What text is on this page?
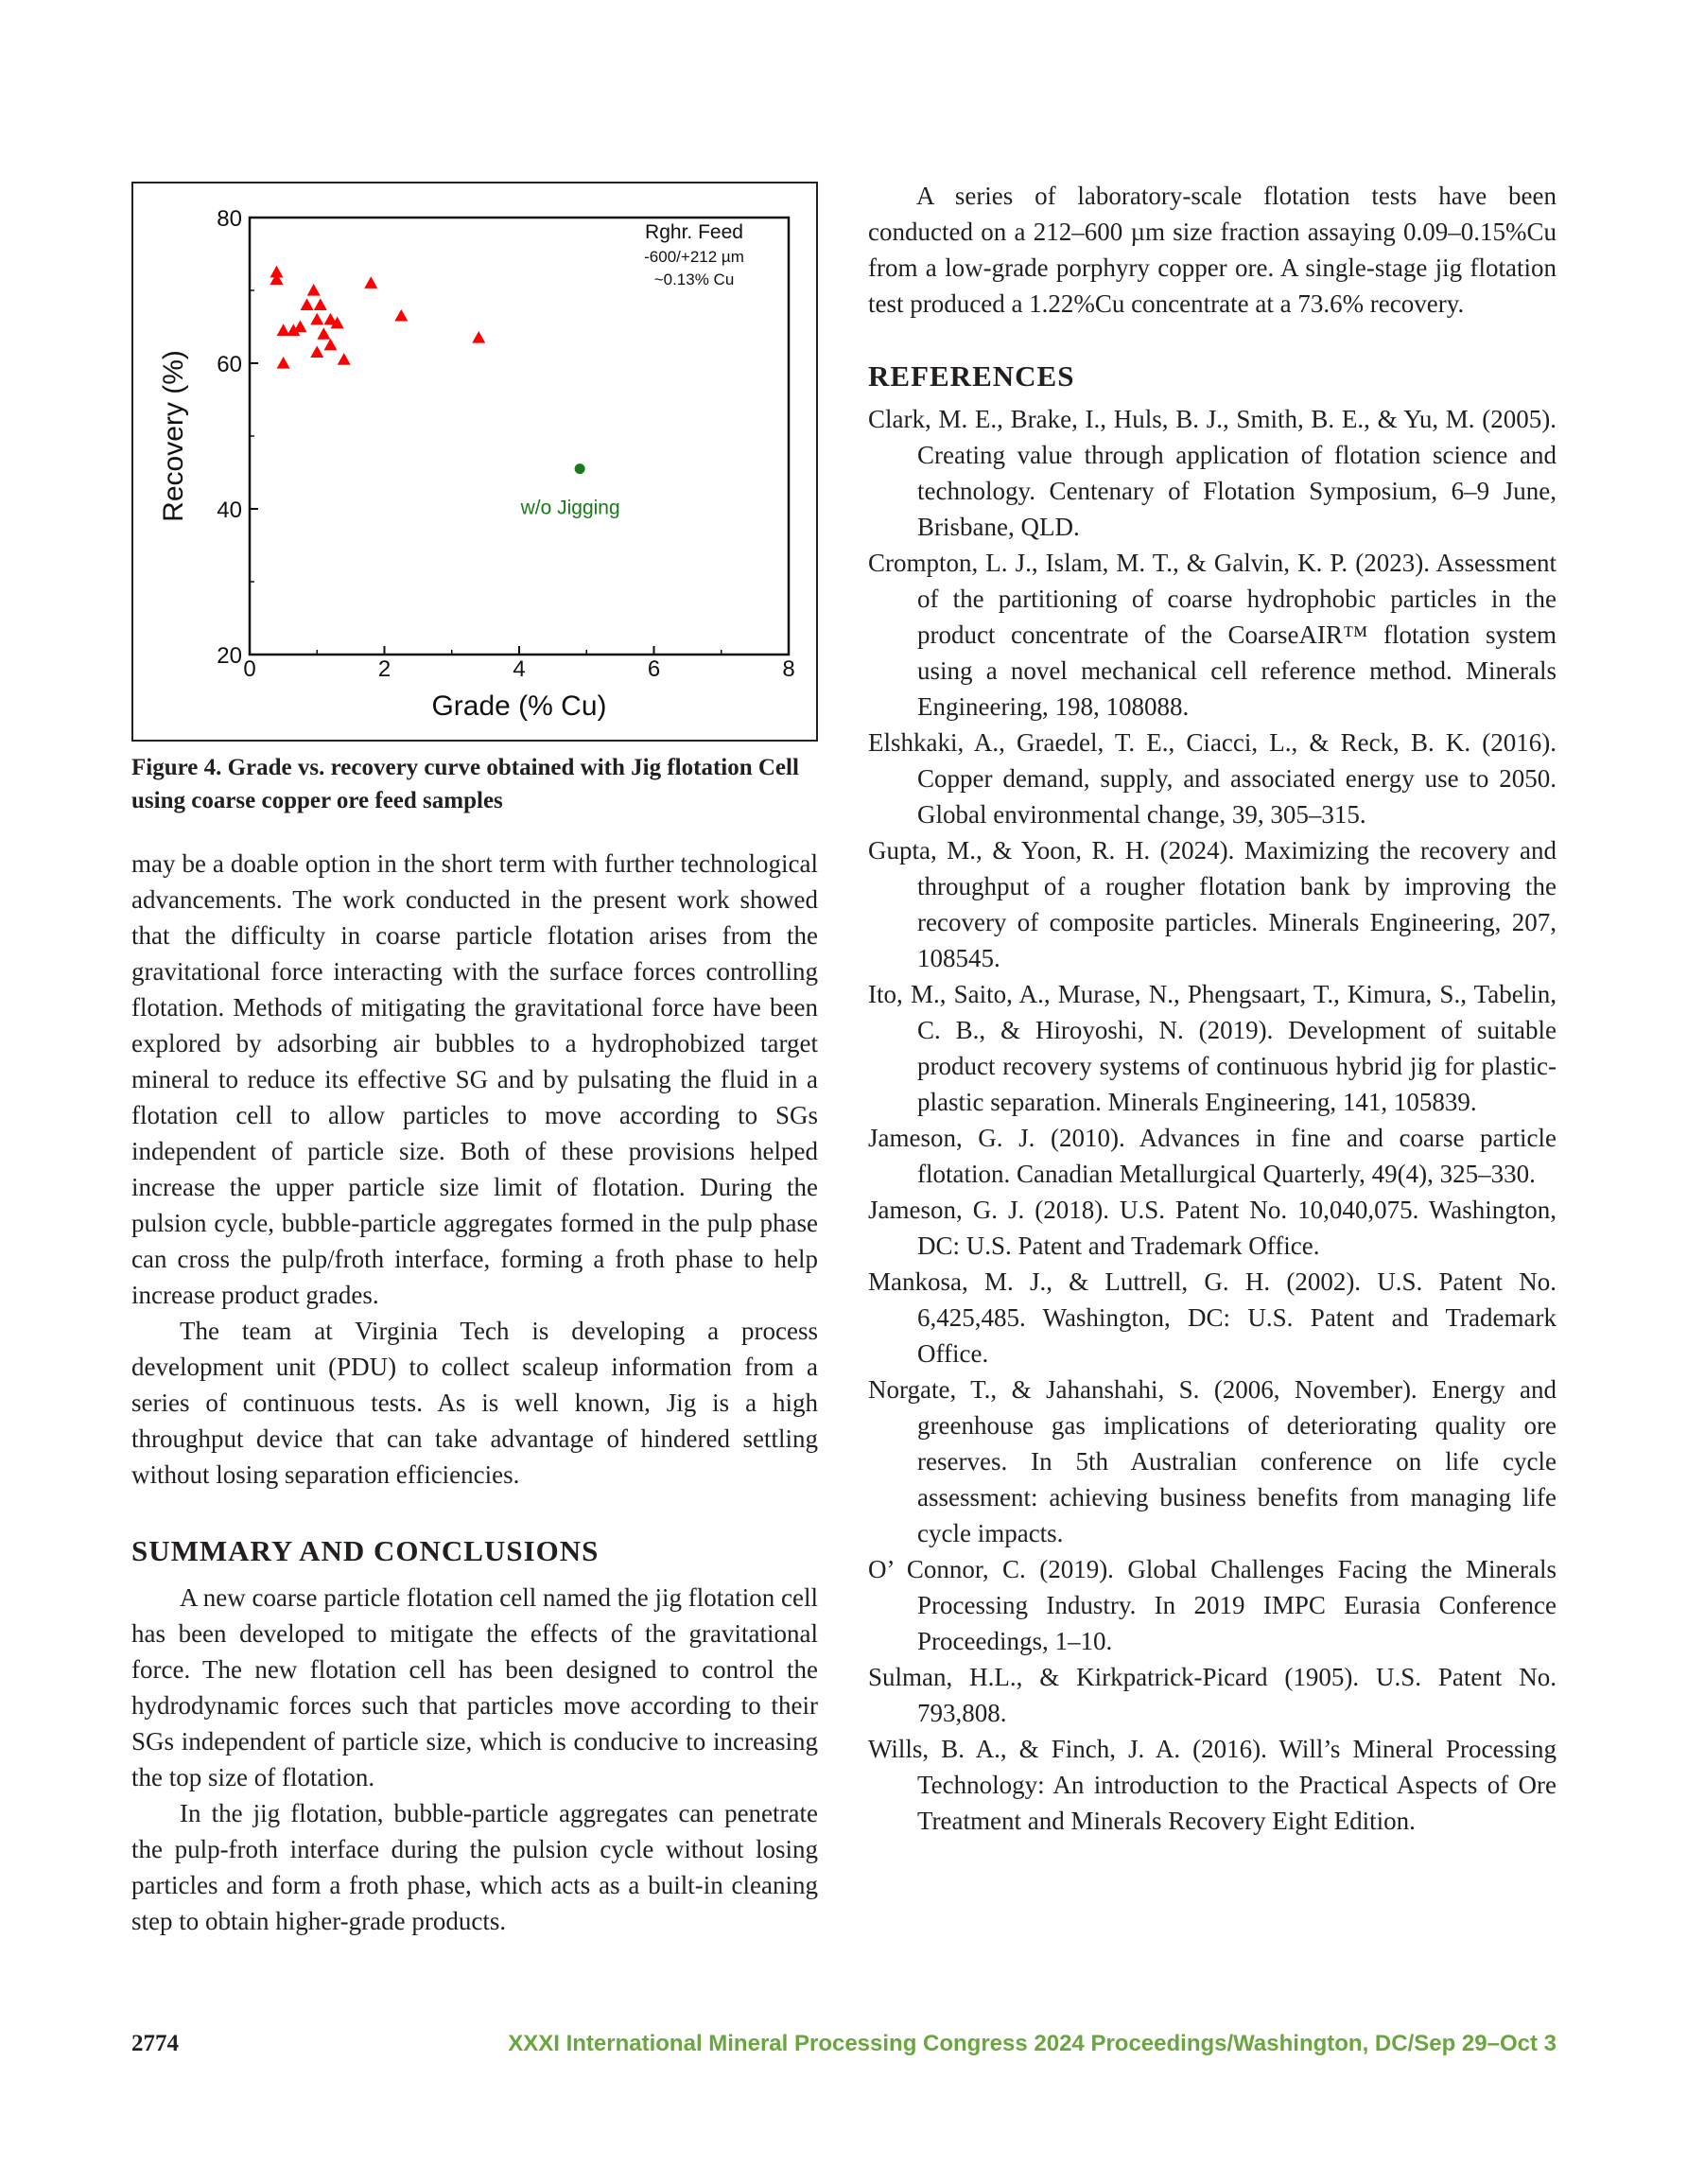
0	2	4	6	8
20
40
60
80
Grade (% Cu)
Recovery (%)
Rghr. Feed
-600/+212 µm
~0.13% Cu
w/o Jigging

Figure 4. Grade vs. recovery curve obtained with Jig flotation Cell using coarse copper ore feed samples

may be a doable option in the short term with further technological advancements. The work conducted in the present work showed that the difficulty in coarse particle flotation arises from the gravitational force interacting with the surface forces controlling flotation. Methods of mitigating the gravitational force have been explored by adsorbing air bubbles to a hydrophobized target mineral to reduce its effective SG and by pulsating the fluid in a flotation cell to allow particles to move according to SGs independent of particle size. Both of these provisions helped increase the upper particle size limit of flotation. During the pulsion cycle, bubble-particle aggregates formed in the pulp phase can cross the pulp/froth interface, forming a froth phase to help increase product grades.

The team at Virginia Tech is developing a process development unit (PDU) to collect scaleup information from a series of continuous tests. As is well known, Jig is a high throughput device that can take advantage of hindered settling without losing separation efficiencies.

SUMMARY AND CONCLUSIONS

A new coarse particle flotation cell named the jig flotation cell has been developed to mitigate the effects of the gravitational force. The new flotation cell has been designed to control the hydrodynamic forces such that particles move according to their SGs independent of particle size, which is conducive to increasing the top size of flotation.

In the jig flotation, bubble-particle aggregates can penetrate the pulp-froth interface during the pulsion cycle without losing particles and form a froth phase, which acts as a built-in cleaning step to obtain higher-grade products.

A series of laboratory-scale flotation tests have been conducted on a 212–600 µm size fraction assaying 0.09–0.15%Cu from a low-grade porphyry copper ore. A single-stage jig flotation test produced a 1.22%Cu concentrate at a 73.6% recovery.

REFERENCES

Clark, M. E., Brake, I., Huls, B. J., Smith, B. E., & Yu, M. (2005). Creating value through application of flotation science and technology. Centenary of Flotation Symposium, 6–9 June, Brisbane, QLD.

Crompton, L. J., Islam, M. T., & Galvin, K. P. (2023). Assessment of the partitioning of coarse hydrophobic particles in the product concentrate of the CoarseAIR™ flotation system using a novel mechanical cell reference method. Minerals Engineering, 198, 108088.

Elshkaki, A., Graedel, T. E., Ciacci, L., & Reck, B. K. (2016). Copper demand, supply, and associated energy use to 2050. Global environmental change, 39, 305–315.

Gupta, M., & Yoon, R. H. (2024). Maximizing the recovery and throughput of a rougher flotation bank by improving the recovery of composite particles. Minerals Engineering, 207, 108545.

Ito, M., Saito, A., Murase, N., Phengsaart, T., Kimura, S., Tabelin, C. B., & Hiroyoshi, N. (2019). Development of suitable product recovery systems of continuous hybrid jig for plastic-plastic separation. Minerals Engineering, 141, 105839.

Jameson, G. J. (2010). Advances in fine and coarse particle flotation. Canadian Metallurgical Quarterly, 49(4), 325–330.

Jameson, G. J. (2018). U.S. Patent No. 10,040,075. Washington, DC: U.S. Patent and Trademark Office.

Mankosa, M. J., & Luttrell, G. H. (2002). U.S. Patent No. 6,425,485. Washington, DC: U.S. Patent and Trademark Office.

Norgate, T., & Jahanshahi, S. (2006, November). Energy and greenhouse gas implications of deteriorating quality ore reserves. In 5th Australian conference on life cycle assessment: achieving business benefits from managing life cycle impacts.

O’ Connor, C. (2019). Global Challenges Facing the Minerals Processing Industry. In 2019 IMPC Eurasia Conference Proceedings, 1–10.

Sulman, H.L., & Kirkpatrick-Picard (1905). U.S. Patent No. 793,808.

Wills, B. A., & Finch, J. A. (2016). Will’s Mineral Processing Technology: An introduction to the Practical Aspects of Ore Treatment and Minerals Recovery Eight Edition.

2774	XXXI International Mineral Processing Congress 2024 Proceedings/Washington, DC/Sep 29–Oct 3
